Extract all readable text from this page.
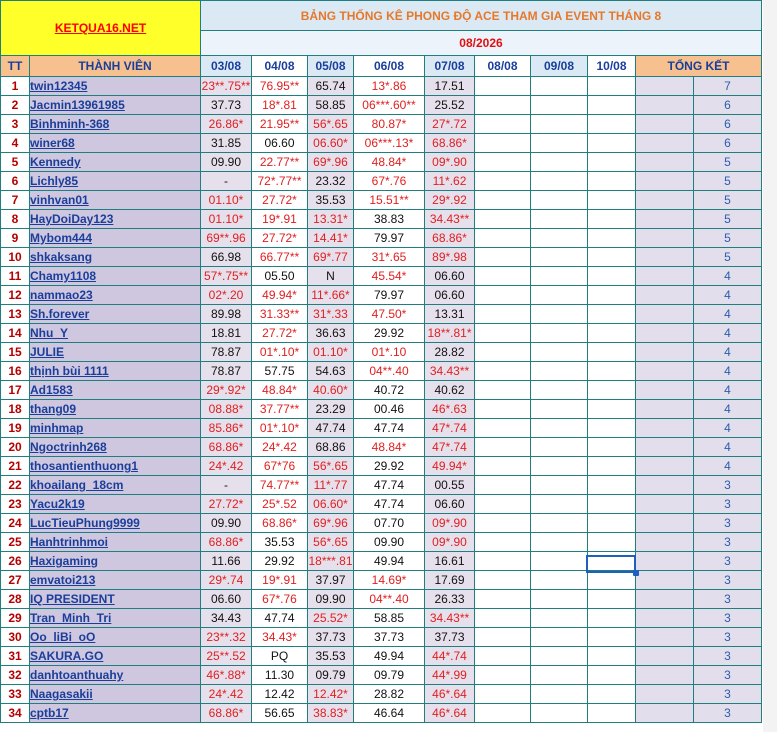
KETQUA16.NET		BẢNG THỐNG KÊ PHONG ĐỘ ACE THAM GIA EVENT THÁNG 8									
		08/2026									
TT	THÀNH VIÊN	03/08	04/08	05/08	06/08	07/08	08/08	09/08	10/08	TỔNG KẾT	
1	twin12345	23**.75**	76.95**	65.74	13*.86	17.51					7
2	Jacmin13961985	37.73	18*.81	58.85	06***.60**	25.52					6
3	Binhminh-368	26.86*	21.95**	56*.65	80.87*	27*.72					6
4	winer68	31.85	06.60	06.60*	06***.13*	68.86*					6
5	Kennedy	09.90	22.77**	69*.96	48.84*	09*.90					5
6	Lichly85	-	72*.77**	23.32	67*.76	11*.62					5
7	vinhvan01	01.10*	27.72*	35.53	15.51**	29*.92					5
8	HayDoiDay123	01.10*	19*.91	13.31*	38.83	34.43**					5
9	Mybom444	69**.96	27.72*	14.41*	79.97	68.86*					5
10	shkaksang	66.98	66.77**	69*.77	31*.65	89*.98					5
11	Chamy1108	57*.75**	05.50	N	45.54*	06.60					4
12	nammao23	02*.20	49.94*	11*.66*	79.97	06.60					4
13	Sh.forever	89.98	31.33**	31*.33	47.50*	13.31					4
14	Nhu_Y	18.81	27.72*	36.63	29.92	18**.81*					4
15	JULIE	78.87	01*.10*	01.10*	01*.10	28.82					4
16	thịnh bùi 1111	78.87	57.75	54.63	04**.40	34.43**					4
17	Ad1583	29*.92*	48.84*	40.60*	40.72	40.62					4
18	thang09	08.88*	37.77**	23.29	00.46	46*.63					4
19	minhmap	85.86*	01*.10*	47.74	47.74	47*.74					4
20	Ngoctrinh268	68.86*	24*.42	68.86	48.84*	47*.74					4
21	thosantienthuong1	24*.42	67*76	56*.65	29.92	49.94*					4
22	khoailang_18cm	-	74.77**	11*.77	47.74	00.55					3
23	Yacu2k19	27.72*	25*.52	06.60*	47.74	06.60					3
24	LucTieuPhung9999	09.90	68.86*	69*.96	07.70	09*.90					3
25	Hanhtrinhmoi	68.86*	35.53	56*.65	09.90	09*.90					3
26	Haxigaming	11.66	29.92	18***.81	49.94	16.61					3
27	emvatoi213	29*.74	19*.91	37.97	14.69*	17.69					3
28	IQ PRESIDENT	06.60	67*.76	09.90	04**.40	26.33					3
29	Tran_Minh_Tri	34.43	47.74	25.52*	58.85	34.43**					3
30	Oo_liBi_oO	23**.32	34.43*	37.73	37.73	37.73					3
31	SAKURA.GO	25**.52	PQ	35.53	49.94	44*.74					3
32	danhtoanthuahy	46*.88*	11.30	09.79	09.79	44*.99					3
33	Naagasakii	24*.42	12.42	12.42*	28.82	46*.64					3
34	cptb17	68.86*	56.65	38.83*	46.64	46*.64					3
